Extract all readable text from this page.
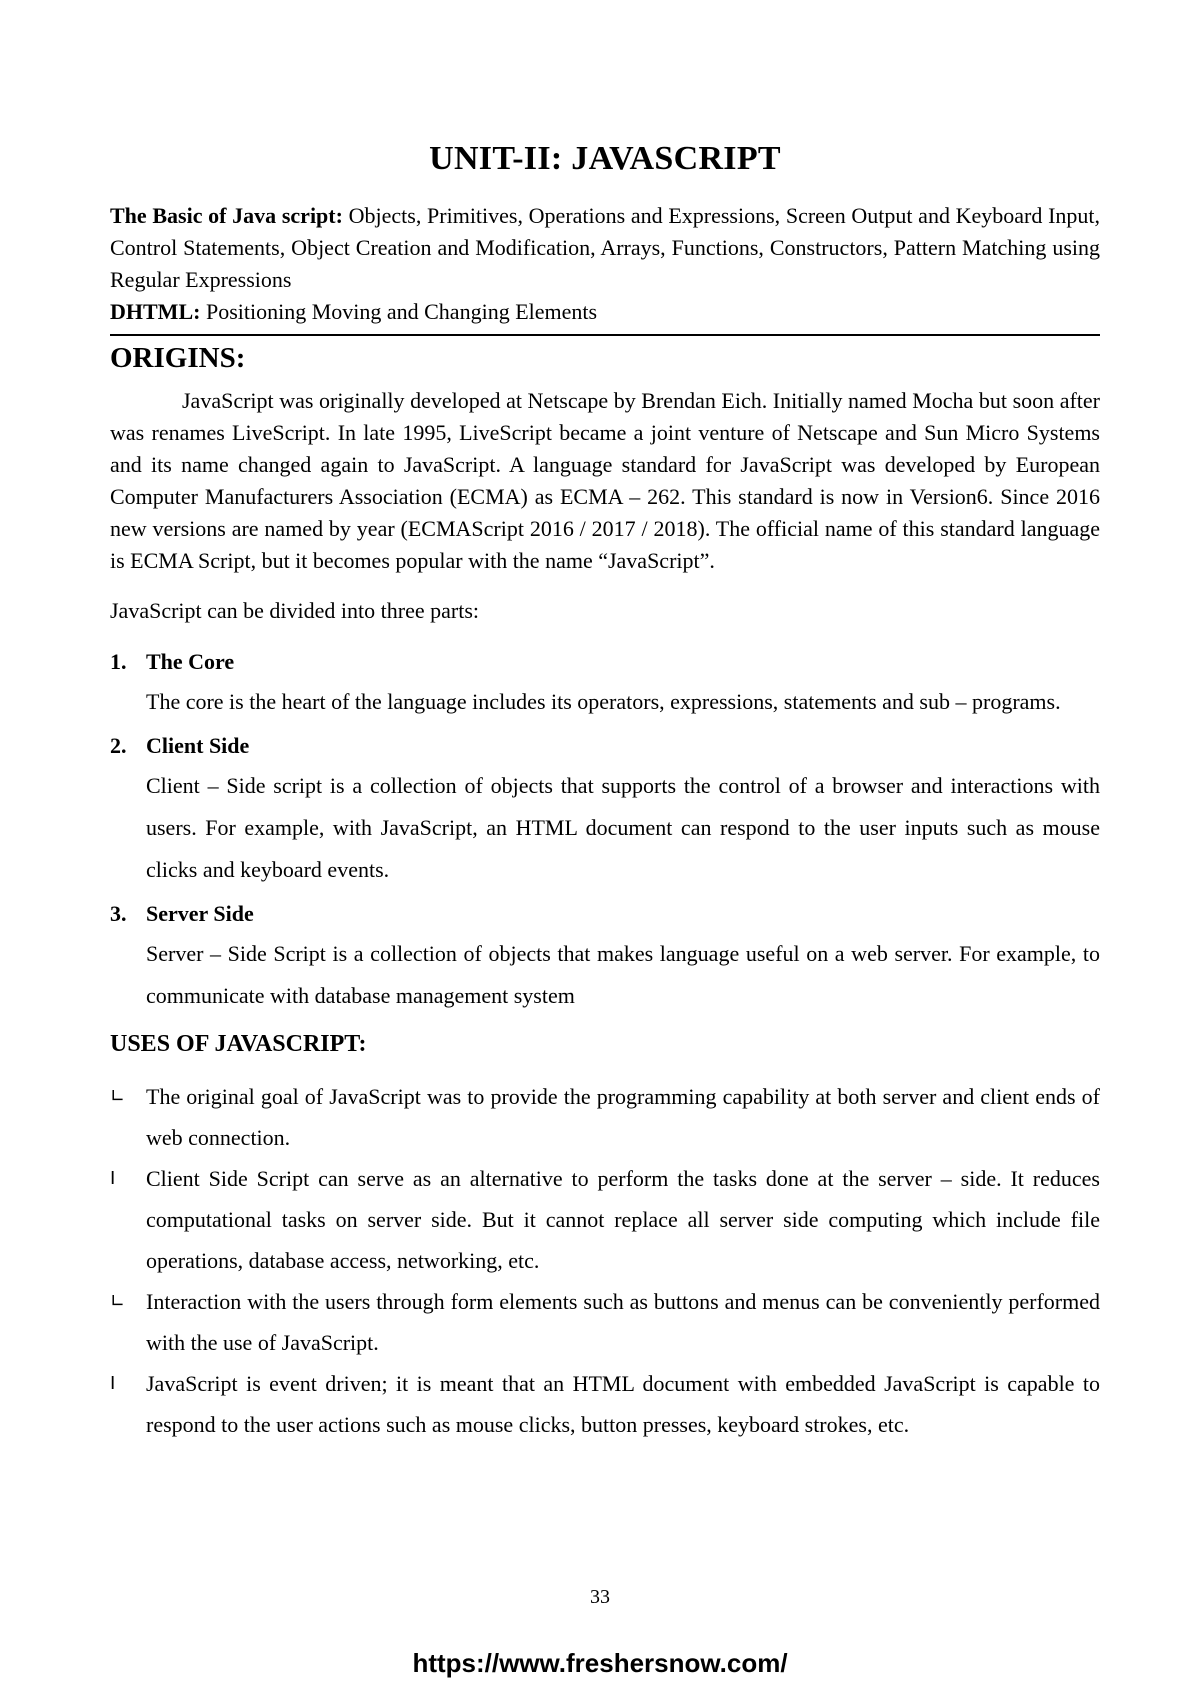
UNIT-II: JAVASCRIPT
The Basic of Java script: Objects, Primitives, Operations and Expressions, Screen Output and Keyboard Input, Control Statements, Object Creation and Modification, Arrays, Functions, Constructors, Pattern Matching using Regular Expressions
DHTML: Positioning Moving and Changing Elements
ORIGINS:

JavaScript was originally developed at Netscape by Brendan Eich. Initially named Mocha but soon after was renames LiveScript. In late 1995, LiveScript became a joint venture of Netscape and Sun Micro Systems and its name changed again to JavaScript. A language standard for JavaScript was developed by European Computer Manufacturers Association (ECMA) as ECMA – 262. This standard is now in Version6. Since 2016 new versions are named by year (ECMAScript 2016 / 2017 / 2018). The official name of this standard language is ECMA Script, but it becomes popular with the name “JavaScript”.

JavaScript can be divided into three parts:

1. The Core
The core is the heart of the language includes its operators, expressions, statements and sub – programs.
2. Client Side
Client – Side script is a collection of objects that supports the control of a browser and interactions with users. For example, with JavaScript, an HTML document can respond to the user inputs such as mouse clicks and keyboard events.
3. Server Side
Server – Side Script is a collection of objects that makes language useful on a web server. For example, to communicate with database management system
USES OF JAVASCRIPT:
∟ The original goal of JavaScript was to provide the programming capability at both server and client ends of web connection.
I	Client Side Script can serve as an alternative to perform the tasks done at the server – side. It reduces computational tasks on server side. But it cannot replace all server side computing which include file operations, database access, networking, etc.
∟ Interaction with the users through form elements such as buttons and menus can be conveniently performed with the use of JavaScript.
I	JavaScript is event driven; it is meant that an HTML document with embedded JavaScript is capable to respond to the user actions such as mouse clicks, button presses, keyboard strokes, etc.
33
https://www.freshersnow.com/
